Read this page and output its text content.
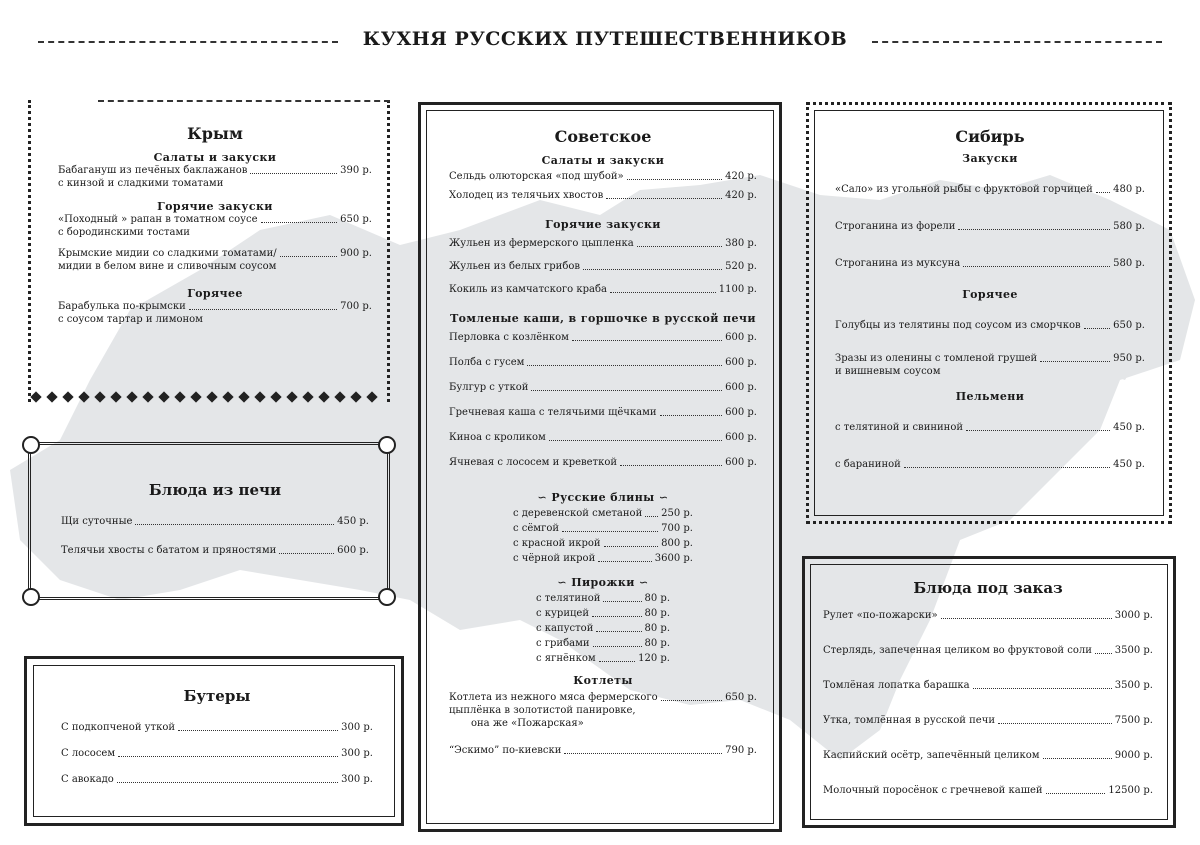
КУХНЯ РУССКИХ ПУТЕШЕСТВЕННИКОВ
Крым
Салаты и закуски
Бабагануш из печёных баклажанов	390 р.
с кинзой и сладкими томатами
Горячие закуски
«Походный » рапан в томатном соусе	650 р.
с бородинскими тостами
Крымские мидии со сладкими томатами/	900 р.
мидии в белом вине и сливочным соусом
Горячее
Барабулька по-крымски	700 р.
с соусом тартар и лимоном
Блюда из печи
Щи суточные	450 р.
Телячьи хвосты с бататом и пряностями	600 р.
Бутеры
С подкопченой уткой	300 р.
С лососем	300 р.
С авокадо	300 р.
Советское
Салаты и закуски
Сельдь олюторская «под шубой»	420 р.
Холодец из телячьих хвостов	420 р.
Горячие закуски
Жульен из фермерского цыпленка	380 р.
Жульен из белых грибов	520 р.
Кокиль из камчатского краба	1100 р.
Томленые каши, в горшочке в русской печи
Перловка с козлёнком	600 р.
Полба с гусем	600 р.
Булгур с уткой	600 р.
Гречневая каша с телячьими щёчками	600 р.
Киноа с кроликом	600 р.
Ячневая с лососем и креветкой	600 р.
∽ Русские блины ∽
с деревенской сметаной 250 р.
с сёмгой	700 р.
с красной икрой	800 р.
с чёрной икрой	3600 р.
∽ Пирожки ∽
с телятиной	80 р.
с курицей	80 р.
с капустой	80 р.
с грибами	80 р.
с ягнёнком	120 р.
Котлеты
Котлета из нежного мяса фермерского	650 р.
цыплёнка в золотистой панировке,
она же «Пожарская»
“Эскимо” по-киевски	790 р.
Сибирь
Закуски
«Сало» из угольной рыбы с фруктовой горчицей 480 р.
Строганина из форели	580 р.
Строганина из муксуна	580 р.
Горячее
Голубцы из телятины под соусом из сморчков	650 р.
Зразы из оленины с томленой грушей	950 р.
и вишневым соусом
Пельмени
с телятиной и свининой	450 р.
с бараниной	450 р.
Блюда под заказ
Рулет «по-пожарски»	3000 р.
Стерлядь, запеченная целиком во фруктовой соли 3500 р.
Томлёная лопатка барашка	3500 р.
Утка, томлённая в русской печи	7500 р.
Каспийский осётр, запечённый целиком	9000 р.
Молочный поросёнок с гречневой кашей	12500 р.
